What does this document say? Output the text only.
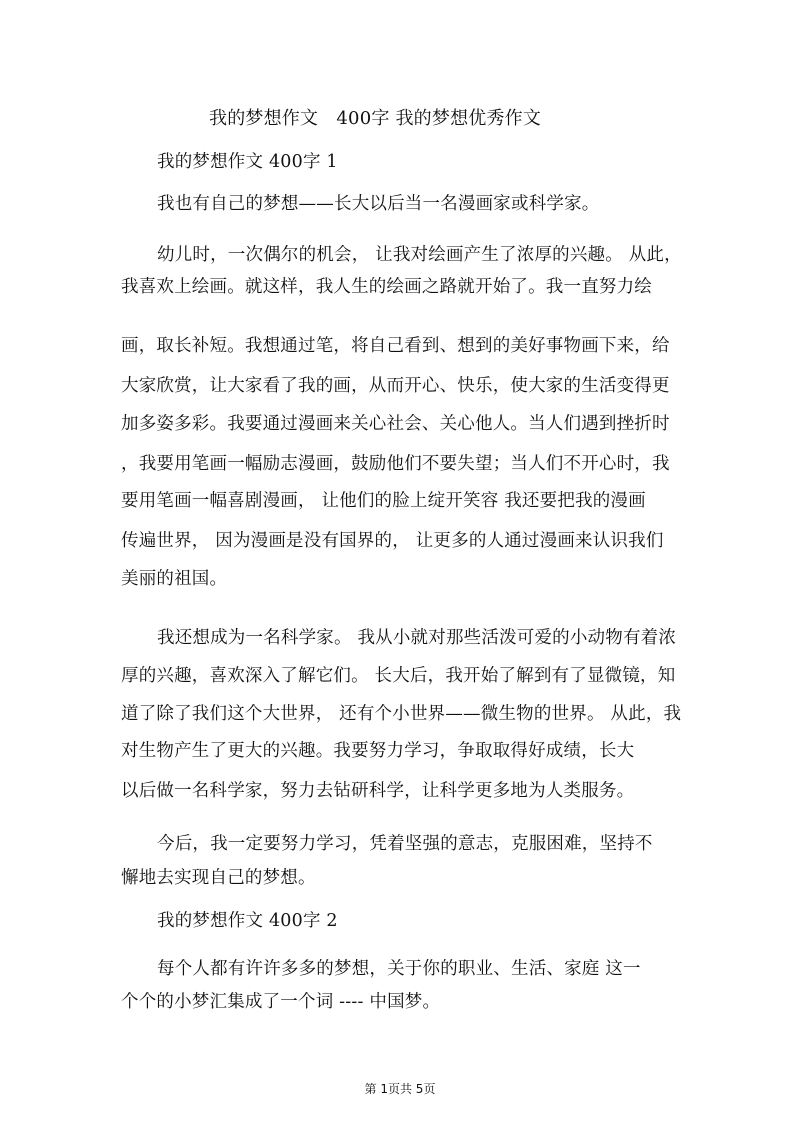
我的梦想作文　400字 我的梦想优秀作文
我的梦想作文 400字 1
我也有自己的梦想——长大以后当一名漫画家或科学家。
幼儿时，一次偶尔的机会， 让我对绘画产生了浓厚的兴趣。 从此，
我喜欢上绘画。就这样，我人生的绘画之路就开始了。我一直努力绘
画，取长补短。我想通过笔，将自己看到、想到的美好事物画下来，给
大家欣赏，让大家看了我的画，从而开心、快乐，使大家的生活变得更
加多姿多彩。我要通过漫画来关心社会、关心他人。当人们遇到挫折时
，我要用笔画一幅励志漫画，鼓励他们不要失望；当人们不开心时，我
要用笔画一幅喜剧漫画， 让他们的脸上绽开笑容 我还要把我的漫画
传遍世界， 因为漫画是没有国界的， 让更多的人通过漫画来认识我们
美丽的祖国。
我还想成为一名科学家。 我从小就对那些活泼可爱的小动物有着浓
厚的兴趣，喜欢深入了解它们。 长大后，我开始了解到有了显微镜，知
道了除了我们这个大世界， 还有个小世界——微生物的世界。 从此，我
对生物产生了更大的兴趣。我要努力学习，争取取得好成绩，长大
以后做一名科学家，努力去钻研科学，让科学更多地为人类服务。
今后，我一定要努力学习，凭着坚强的意志，克服困难，坚持不
懈地去实现自己的梦想。
我的梦想作文 400字 2
每个人都有许许多多的梦想，关于你的职业、生活、家庭 这一
个个的小梦汇集成了一个词 ---- 中国梦。
第 1页共 5页
